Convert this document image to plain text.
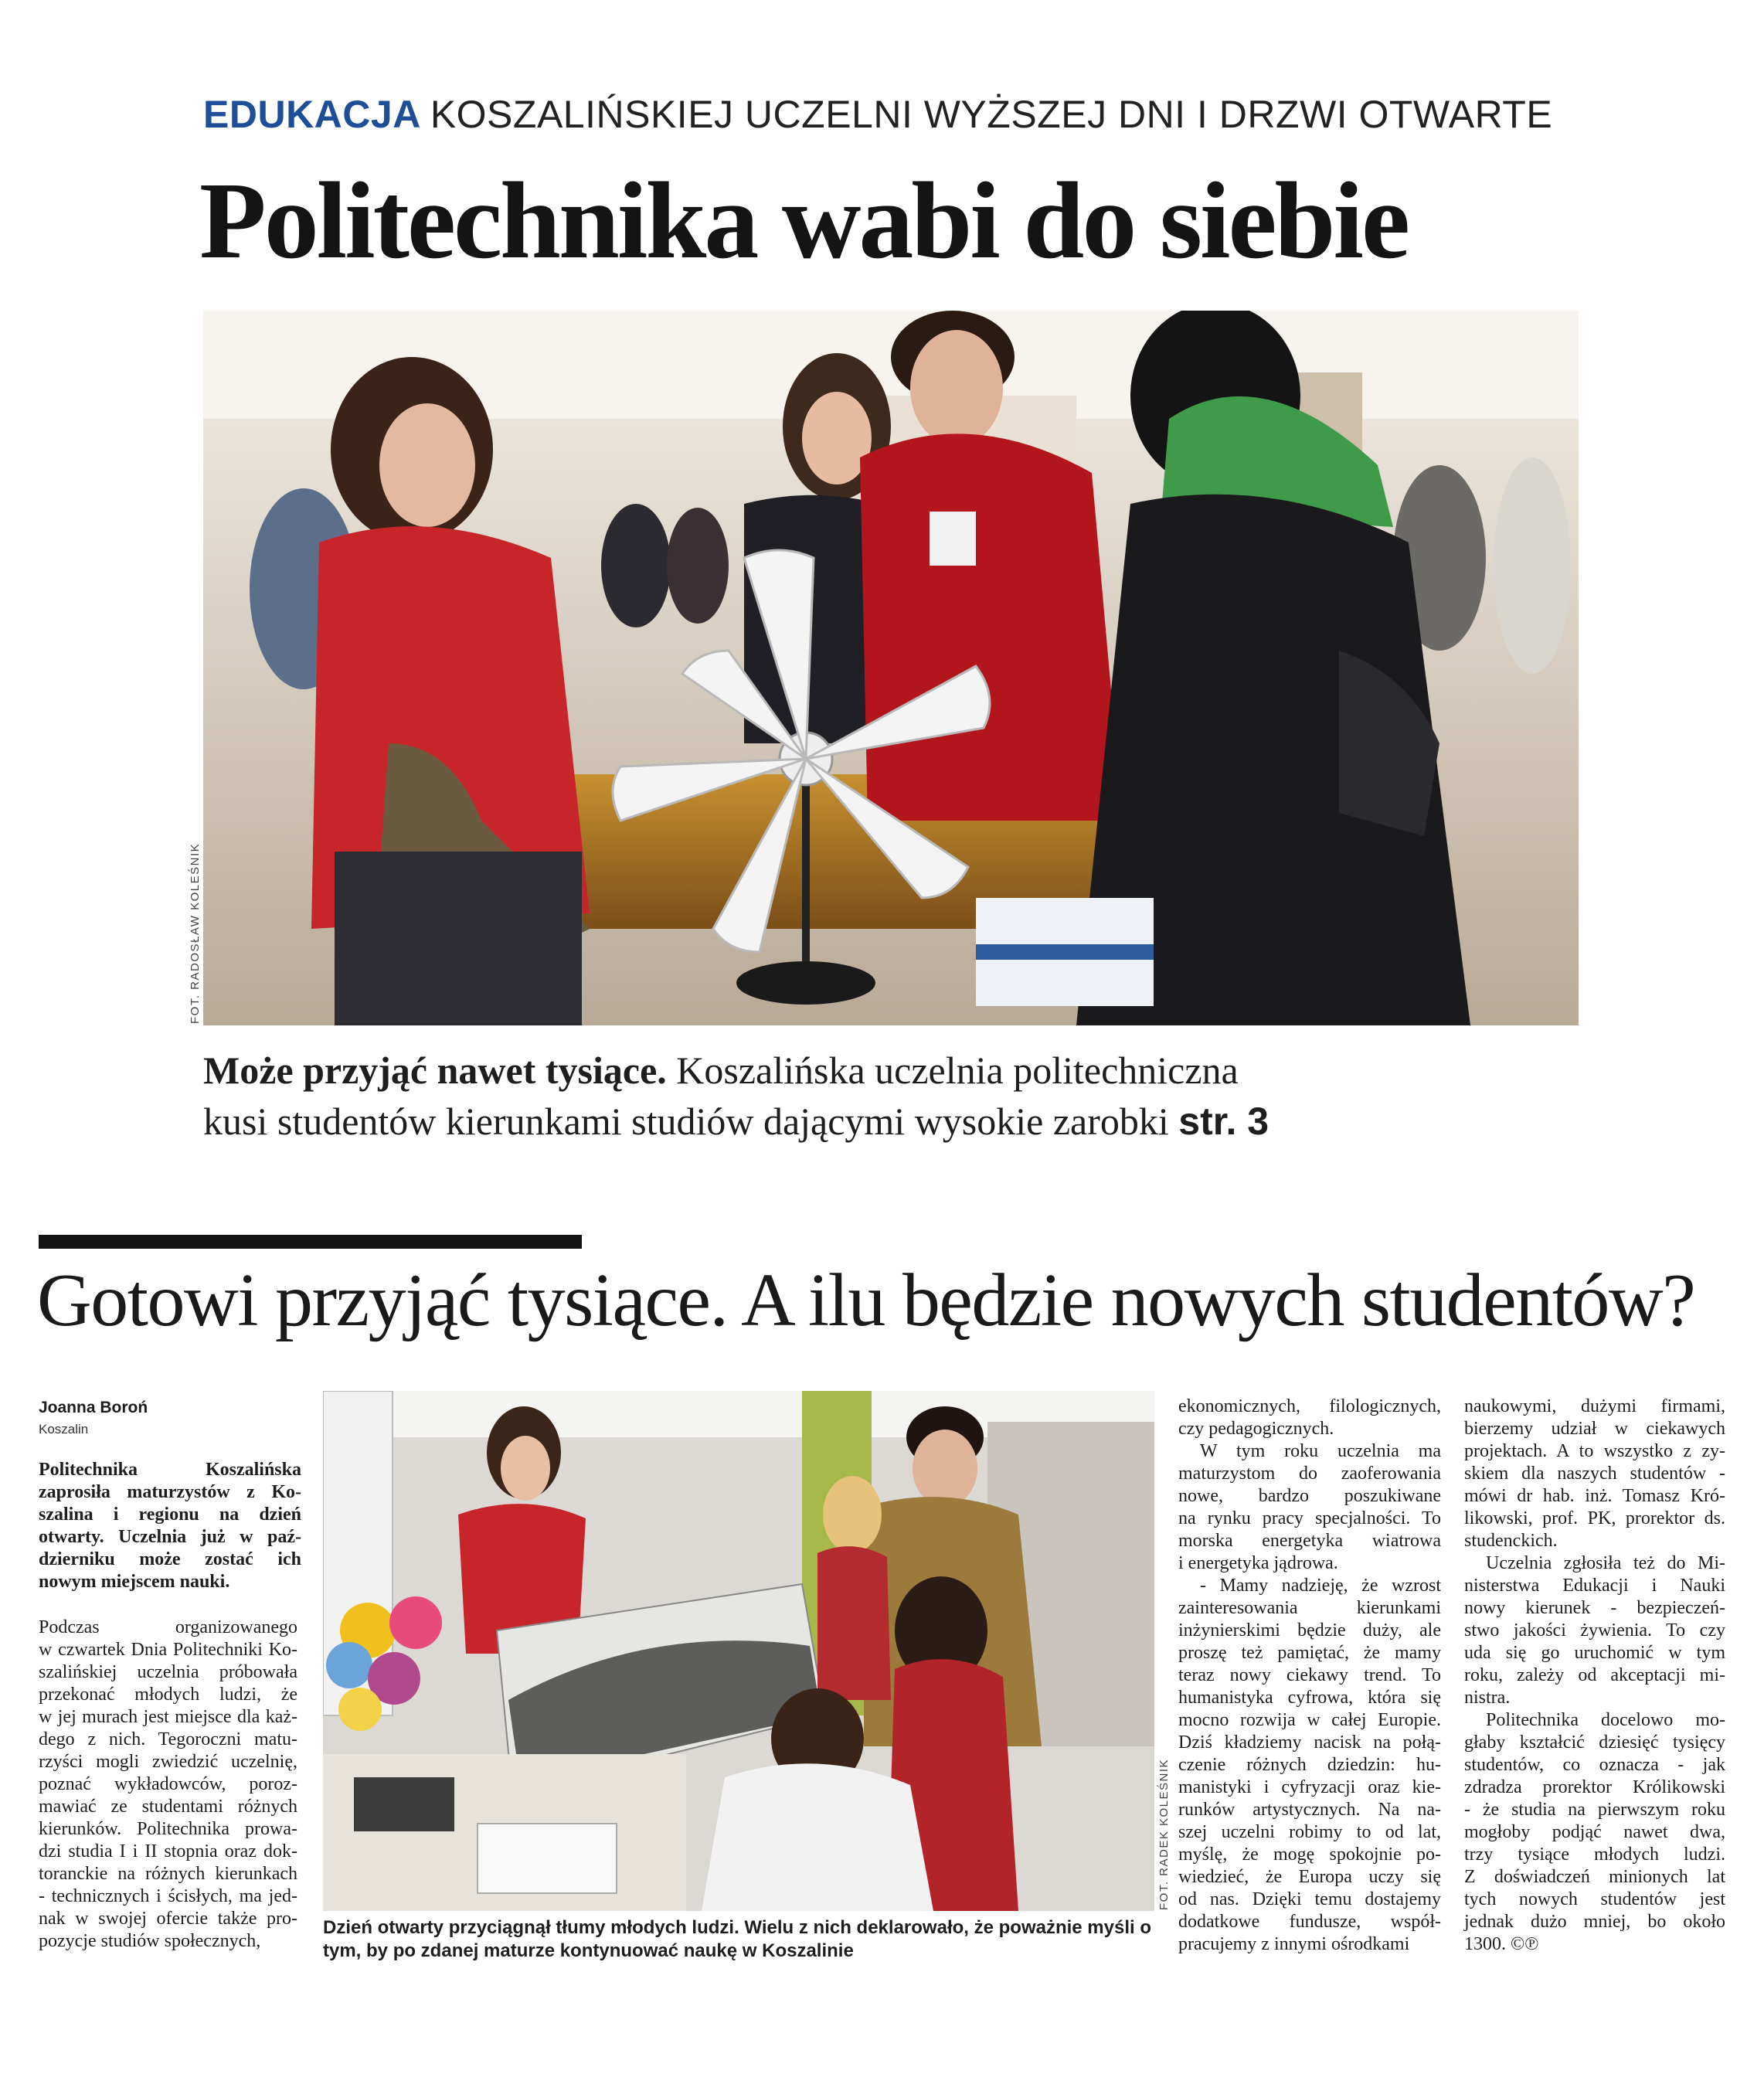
EDUKACJA KOSZALIŃSKIEJ UCZELNI WYŻSZEJ DNI I DRZWI OTWARTE
Politechnika wabi do siebie
FOT. RADOSŁAW KOLEŚNIK
Może przyjąć nawet tysiące. Koszalińska uczelnia politechniczna
kusi studentów kierunkami studiów dającymi wysokie zarobki str. 3
Gotowi przyjąć tysiące. A ilu będzie nowych studentów?
Joanna Boroń
Koszalin
Politechnika Koszalińska
zaprosiła maturzystów z Ko-
szalina i regionu na dzień
otwarty. Uczelnia już w paź-
dzierniku może zostać ich
nowym miejscem nauki.
Podczas organizowanego
w czwartek Dnia Politechniki Ko-
szalińskiej uczelnia próbowała
przekonać młodych ludzi, że
w jej murach jest miejsce dla każ-
dego z nich. Tegoroczni matu-
rzyści mogli zwiedzić uczelnię,
poznać wykładowców, poroz-
mawiać ze studentami różnych
kierunków. Politechnika prowa-
dzi studia I i II stopnia oraz dok-
toranckie na różnych kierunkach
- technicznych i ścisłych, ma jed-
nak w swojej ofercie także pro-
pozycje studiów społecznych,
FOT. RADEK KOLEŚNIK
Dzień otwarty przyciągnął tłumy młodych ludzi. Wielu z nich deklarowało, że poważnie myśli o tym, by po zdanej maturze kontynuować naukę w Koszalinie
ekonomicznych, filologicznych,
czy pedagogicznych.
W tym roku uczelnia ma
maturzystom do zaoferowania
nowe, bardzo poszukiwane
na rynku pracy specjalności. To
morska energetyka wiatrowa
i energetyka jądrowa.
- Mamy nadzieję, że wzrost
zainteresowania kierunkami
inżynierskimi będzie duży, ale
proszę też pamiętać, że mamy
teraz nowy ciekawy trend. To
humanistyka cyfrowa, która się
mocno rozwija w całej Europie.
Dziś kładziemy nacisk na połą-
czenie różnych dziedzin: hu-
manistyki i cyfryzacji oraz kie-
runków artystycznych. Na na-
szej uczelni robimy to od lat,
myślę, że mogę spokojnie po-
wiedzieć, że Europa uczy się
od nas. Dzięki temu dostajemy
dodatkowe fundusze, współ-
pracujemy z innymi ośrodkami
naukowymi, dużymi firmami,
bierzemy udział w ciekawych
projektach. A to wszystko z zy-
skiem dla naszych studentów -
mówi dr hab. inż. Tomasz Kró-
likowski, prof. PK, prorektor ds.
studenckich.
Uczelnia zgłosiła też do Mi-
nisterstwa Edukacji i Nauki
nowy kierunek - bezpieczeń-
stwo jakości żywienia. To czy
uda się go uruchomić w tym
roku, zależy od akceptacji mi-
nistra.
Politechnika docelowo mo-
głaby kształcić dziesięć tysięcy
studentów, co oznacza - jak
zdradza prorektor Królikowski
- że studia na pierwszym roku
mogłoby podjąć nawet dwa,
trzy tysiące młodych ludzi.
Z doświadczeń minionych lat
tych nowych studentów jest
jednak dużo mniej, bo około
1300. ©℗
